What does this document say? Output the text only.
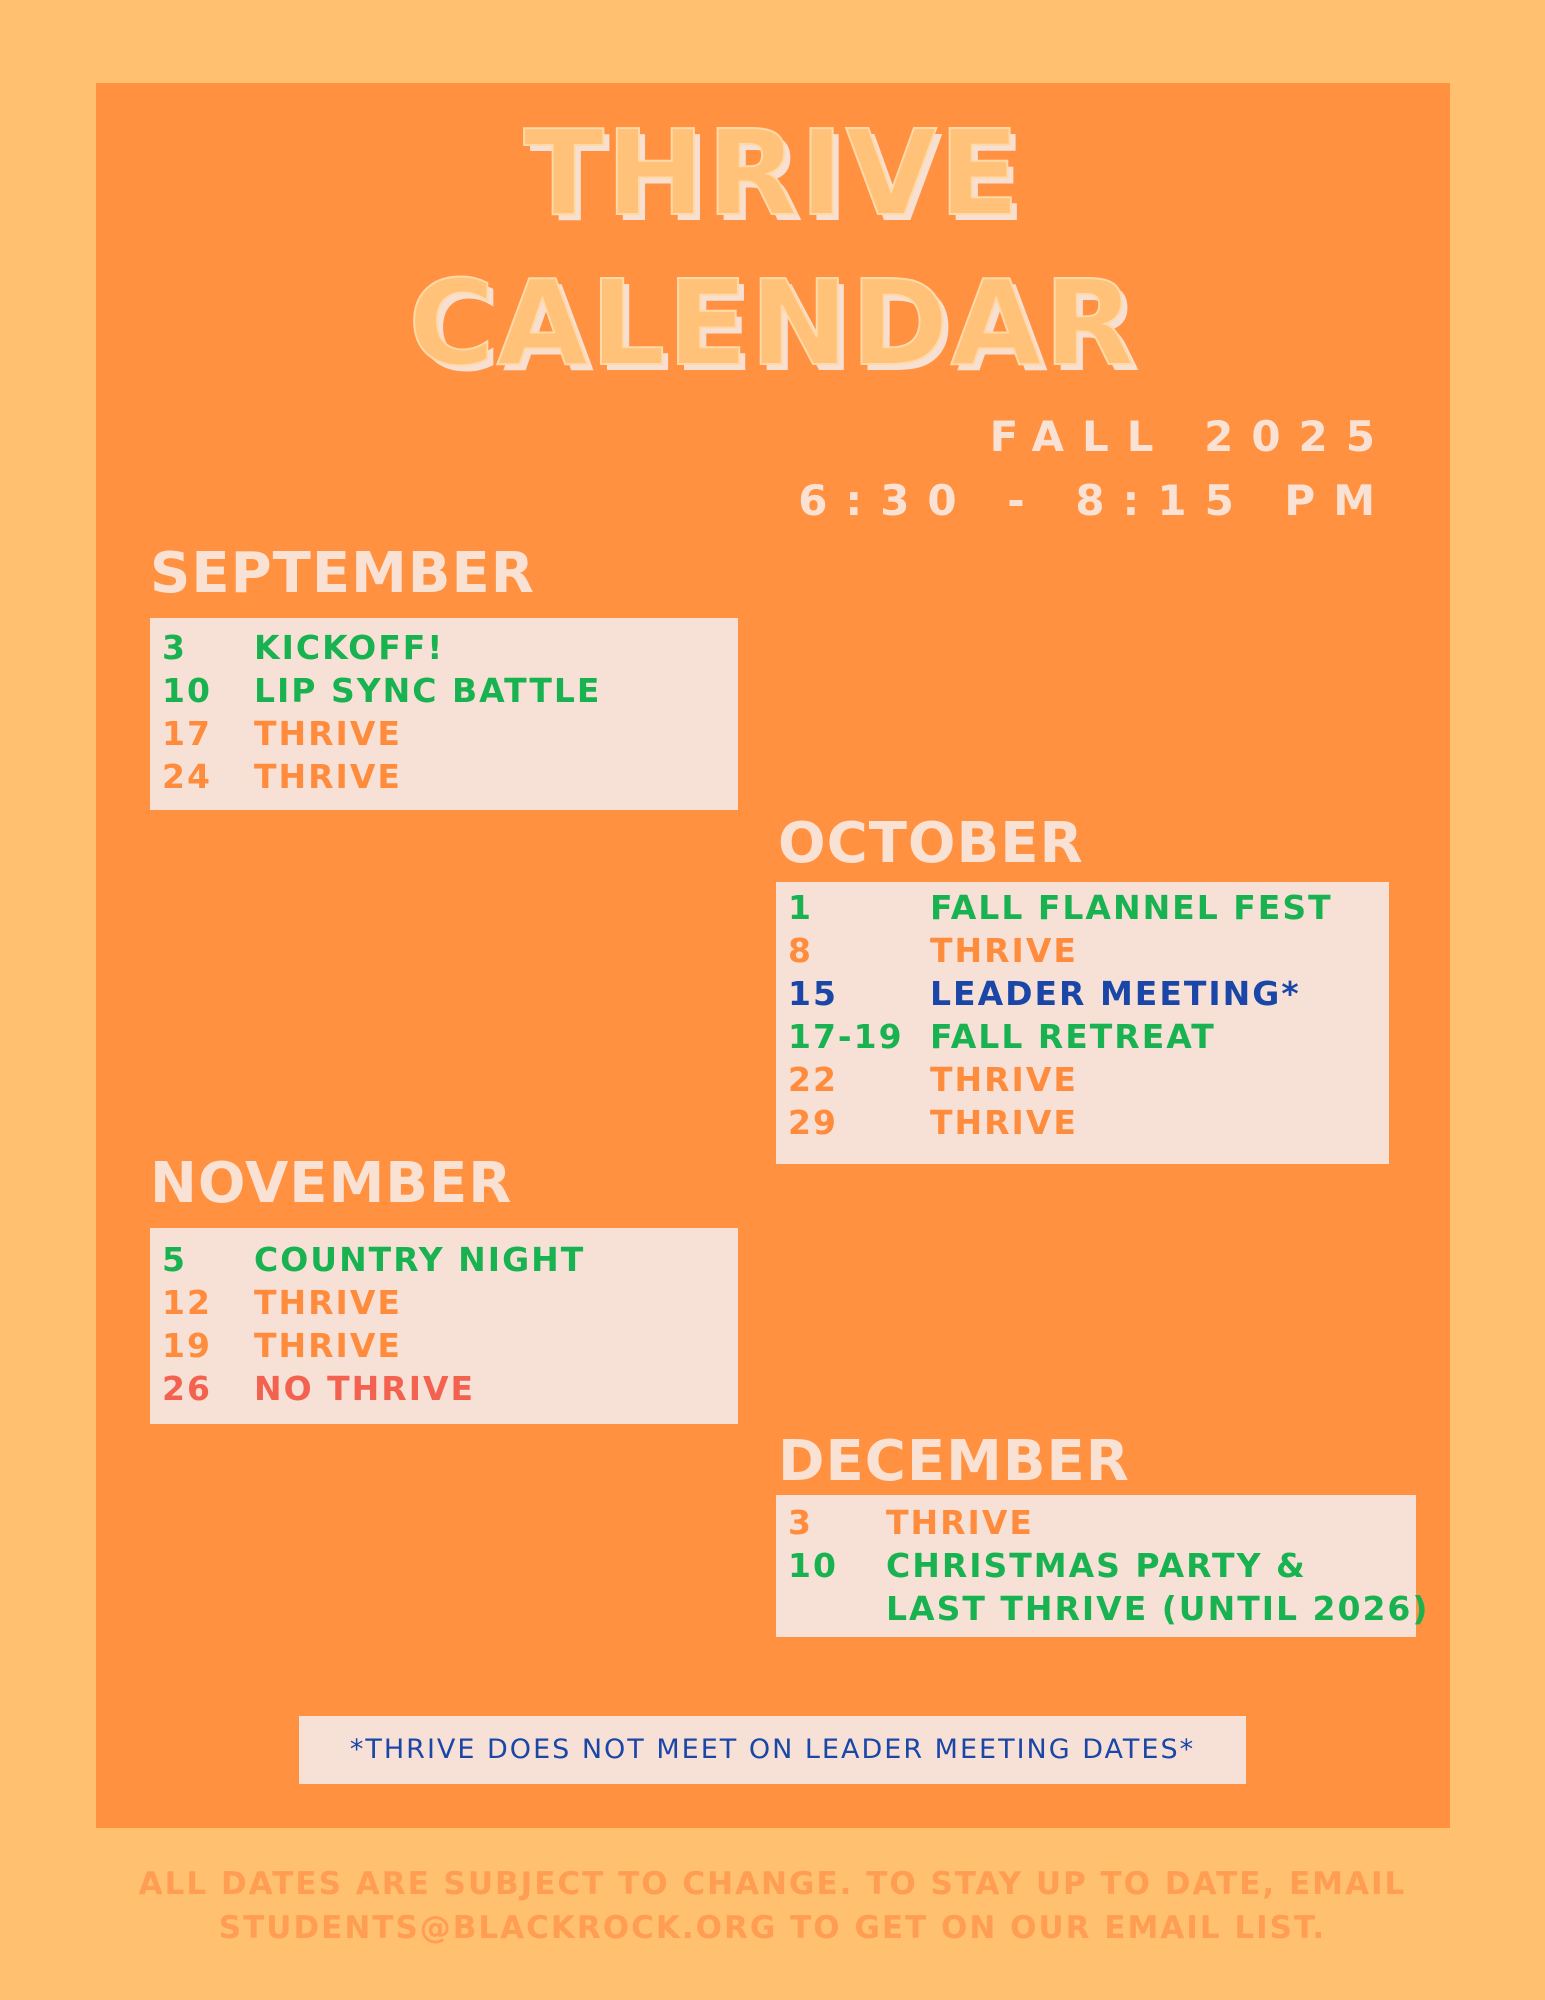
THRIVE
CALENDAR

FALL 2025

6:30 - 8:15 PM

SEPTEMBER
3 KICKOFF!
10 LIP SYNC BATTLE
17 THRIVE
24 THRIVE
OCTOBER
1	FALL FLANNEL FEST
8	THRIVE
15	LEADER MEETING*
17-19 FALL RETREAT
22	THRIVE
29	THRIVE
NOVEMBER
5 COUNTRY NIGHT
12 THRIVE
19 THRIVE
26 NO THRIVE
DECEMBER
3 THRIVE
10 CHRISTMAS PARTY &
LAST THRIVE (UNTIL 2026)
*THRIVE DOES NOT MEET ON LEADER MEETING DATES*
ALL DATES ARE SUBJECT TO CHANGE. TO STAY UP TO DATE, EMAIL
STUDENTS@BLACKROCK.ORG TO GET ON OUR EMAIL LIST.
